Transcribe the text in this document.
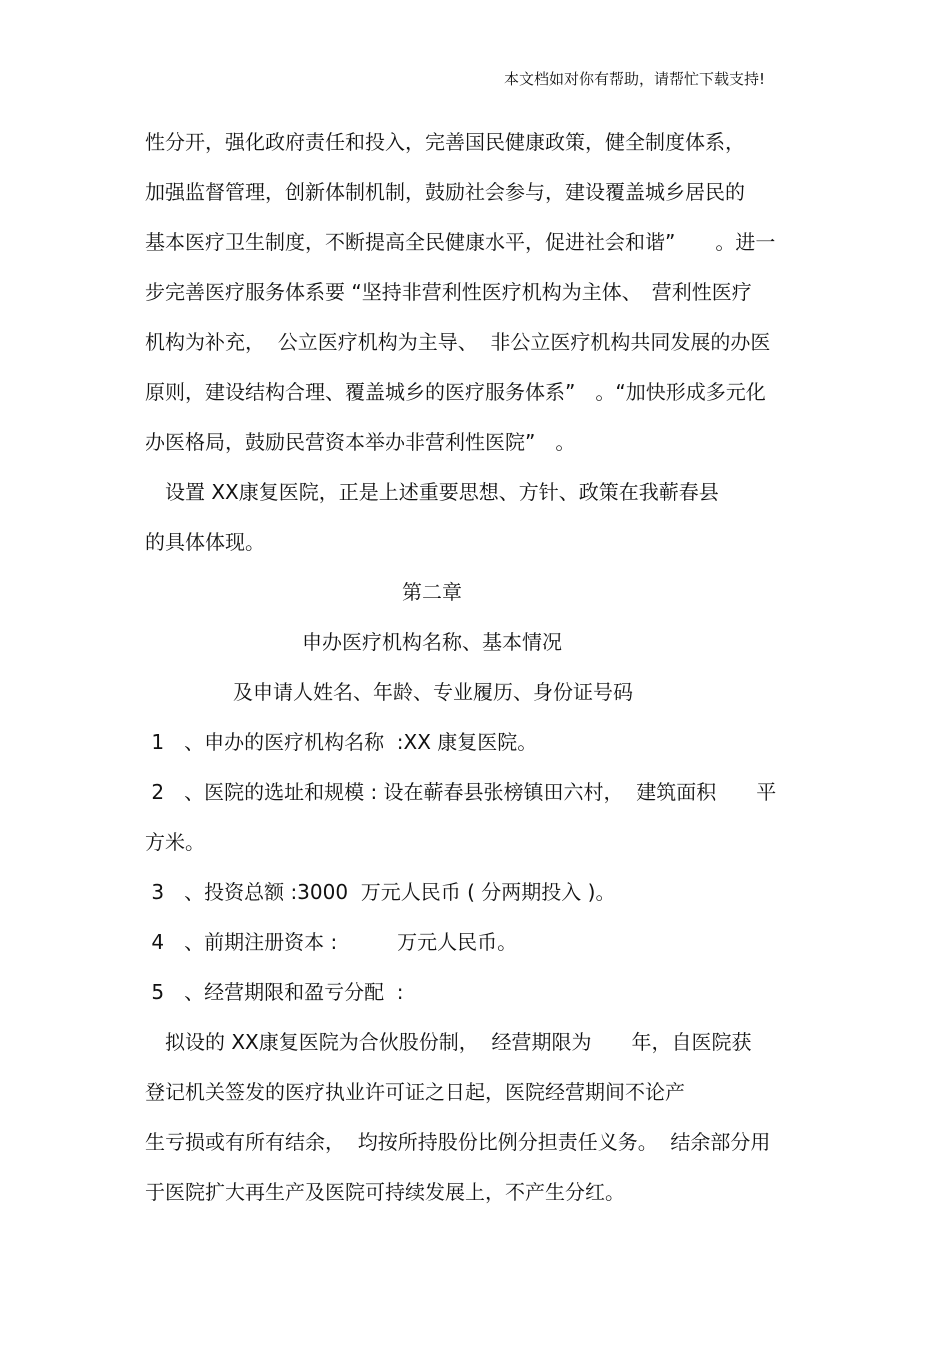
本文档如对你有帮助，请帮忙下载支持!
性分开，强化政府责任和投入，完善国民健康政策，健全制度体系，
加强监督管理，创新体制机制，鼓励社会参与，建设覆盖城乡居民的
基本医疗卫生制度，不断提高全民健康水平，促进社会和谐”　　。进一
步完善医疗服务体系要 “坚持非营利性医疗机构为主体、　营利性医疗
机构为补充，  公立医疗机构为主导、  非公立医疗机构共同发展的办医
原则，建设结构合理、覆盖城乡的医疗服务体系”　。“加快形成多元化
办医格局，鼓励民营资本举办非营利性医院”　。
　设置 XX康复医院，正是上述重要思想、方针、政策在我蕲春县
的具体体现。
第二章
申办医疗机构名称、基本情况
及申请人姓名、年龄、专业履历、身份证号码
1　、申办的医疗机构名称  :XX 康复医院。
2　、医院的选址和规模 : 设在蕲春县张榜镇田六村，  建筑面积　　平
方米。
3　、投资总额 :3000  万元人民币 ( 分两期投入 )。
4　、前期注册资本 :　　　万元人民币。
5　、经营期限和盈亏分配  :
　拟设的 XX康复医院为合伙股份制，  经营期限为　　年，自医院获
登记机关签发的医疗执业许可证之日起，医院经营期间不论产
生亏损或有所有结余，  均按所持股份比例分担责任义务。  结余部分用
于医院扩大再生产及医院可持续发展上，不产生分红。
